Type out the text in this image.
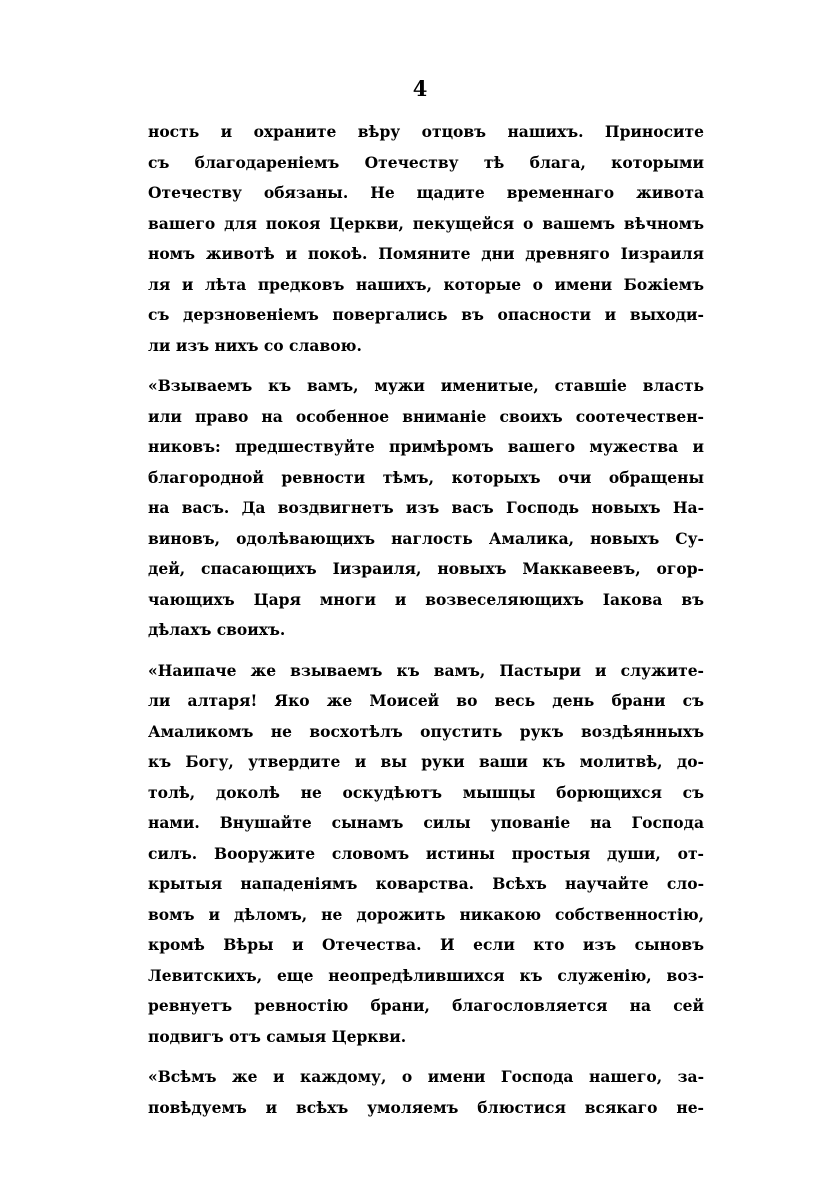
4
ность и охраните вѣру отцовъ нашихъ. Приносите
съ благодаренiемъ Отечеству тѣ блага, которыми
Отечеству обязаны. Не щадите временнаго живота
вашего для покоя Церкви, пекущейся о вашемъ вѣчномъ
номъ животѣ и покоѣ. Помяните дни древняго Iизраиля
ля и лѣта предковъ нашихъ, которые о имени Божiемъ
съ дерзновенiемъ повергались въ опасности и выходи-
ли изъ нихъ со славою.
«Взываемъ къ вамъ, мужи именитые, ставшiе власть
или право на особенное вниманiе своихъ соотечествен-
никовъ: предшествуйте примѣромъ вашего мужества и
благородной ревности тѣмъ, которыхъ очи обращены
на васъ. Да воздвигнетъ изъ васъ Господь новыхъ На-
виновъ, одолѣвающихъ наглость Амалика, новыхъ Су-
дей, спасающихъ Iизраиля, новыхъ Маккавеевъ, огор-
чающихъ Царя многи и возвеселяющихъ Iакова въ
дѣлахъ своихъ.
«Наипаче же взываемъ къ вамъ, Пастыри и служите-
ли алтаря! Яко же Моисей во весь день брани съ
Амаликомъ не восхотѣлъ опустить рукъ воздѣянныхъ
къ Богу, утвердите и вы руки ваши къ молитвѣ, до-
толѣ, доколѣ не оскудѣютъ мышцы борющихся съ
нами. Внушайте сынамъ силы упованiе на Господа
силъ. Вооружите словомъ истины простыя души, от-
крытыя нападенiямъ коварства. Всѣхъ научайте сло-
вомъ и дѣломъ, не дорожить никакою собственностiю,
кромѣ Вѣры и Отечества. И если кто изъ сыновъ
Левитскихъ, еще неопредѣлившихся къ служенiю, воз-
ревнуетъ ревностiю брани, благословляется на сей
подвигъ отъ самыя Церкви.
«Всѣмъ же и каждому, о имени Господа нашего, за-
повѣдуемъ и всѣхъ умоляемъ блюстися всякаго не-
